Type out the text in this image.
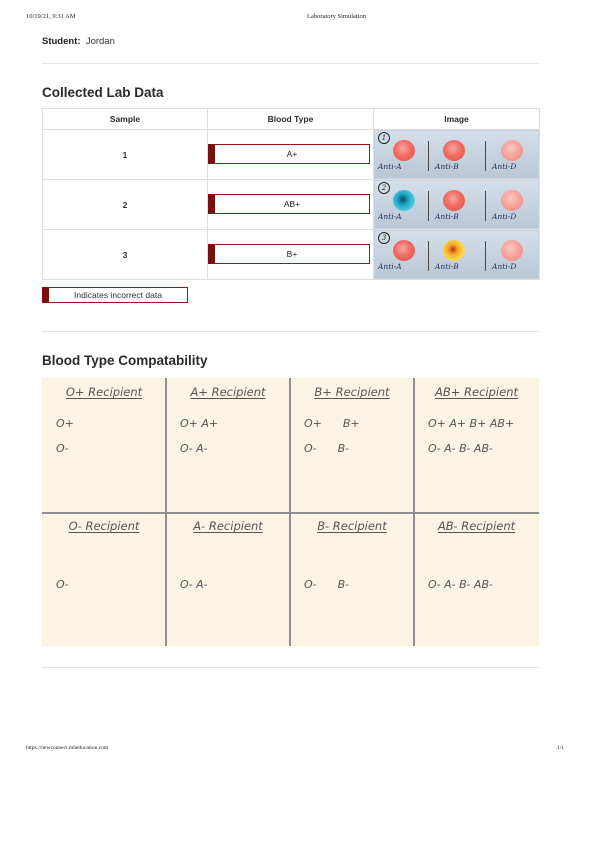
10/19/21, 9:31 AM	Laboratory Simulation
Student: Jordan
Collected Lab Data
Sample	Blood Type	Image
1	A+	1
Anti-A Anti-B Anti-D

2	AB+	2
Anti-A Anti-B Anti-D

3	B+	3
Anti-A Anti-B Anti-D
Indicates incorrect data
Blood Type Compatability
O+ Recipient
O+
O-
A+ Recipient
O+ A+
O- A-
B+ Recipient
O+      B+
O-      B-
AB+ Recipient
O+ A+ B+ AB+
O- A- B- AB-
O- Recipient
O-
A- Recipient
O- A-
B- Recipient
O-      B-
AB- Recipient
O- A- B- AB-
https://newconnect.mheducation.com	1/1
